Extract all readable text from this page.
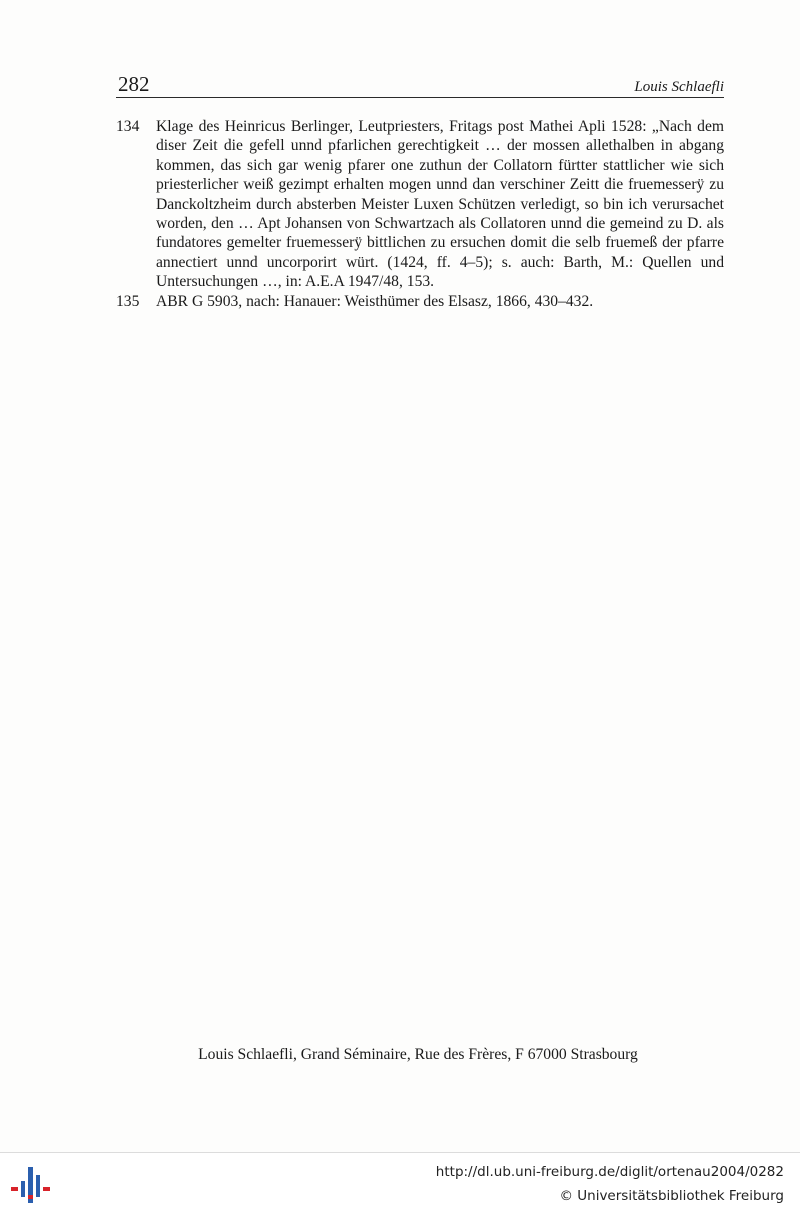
282	Louis Schlaefli
134	Klage des Heinricus Berlinger, Leutpriesters, Fritags post Mathei Apli 1528: „Nach dem diser Zeit die gefell unnd pfarlichen gerechtigkeit … der mossen allethalben in abgang kommen, das sich gar wenig pfarer one zuthun der Collatorn fürtter stattlicher wie sich priesterlicher weiß gezimpt erhalten mogen unnd dan verschiner Zeitt die fruemesserÿ zu Danckoltzheim durch absterben Meister Luxen Schützen verledigt, so bin ich verursachet worden, den … Apt Johansen von Schwartzach als Collatoren unnd die gemeind zu D. als fundatores gemelter fruemesserÿ bittlichen zu ersuchen domit die selb fruemeß der pfarre annectiert unnd uncorporirt würt. (1424, ff. 4–5); s. auch: Barth, M.: Quellen und Untersuchungen …, in: A.E.A 1947/48, 153.
135	ABR G 5903, nach: Hanauer: Weisthümer des Elsasz, 1866, 430–432.
Louis Schlaefli, Grand Séminaire, Rue des Frères, F 67000 Strasbourg
http://dl.ub.uni-freiburg.de/diglit/ortenau2004/0282
© Universitätsbibliothek Freiburg
